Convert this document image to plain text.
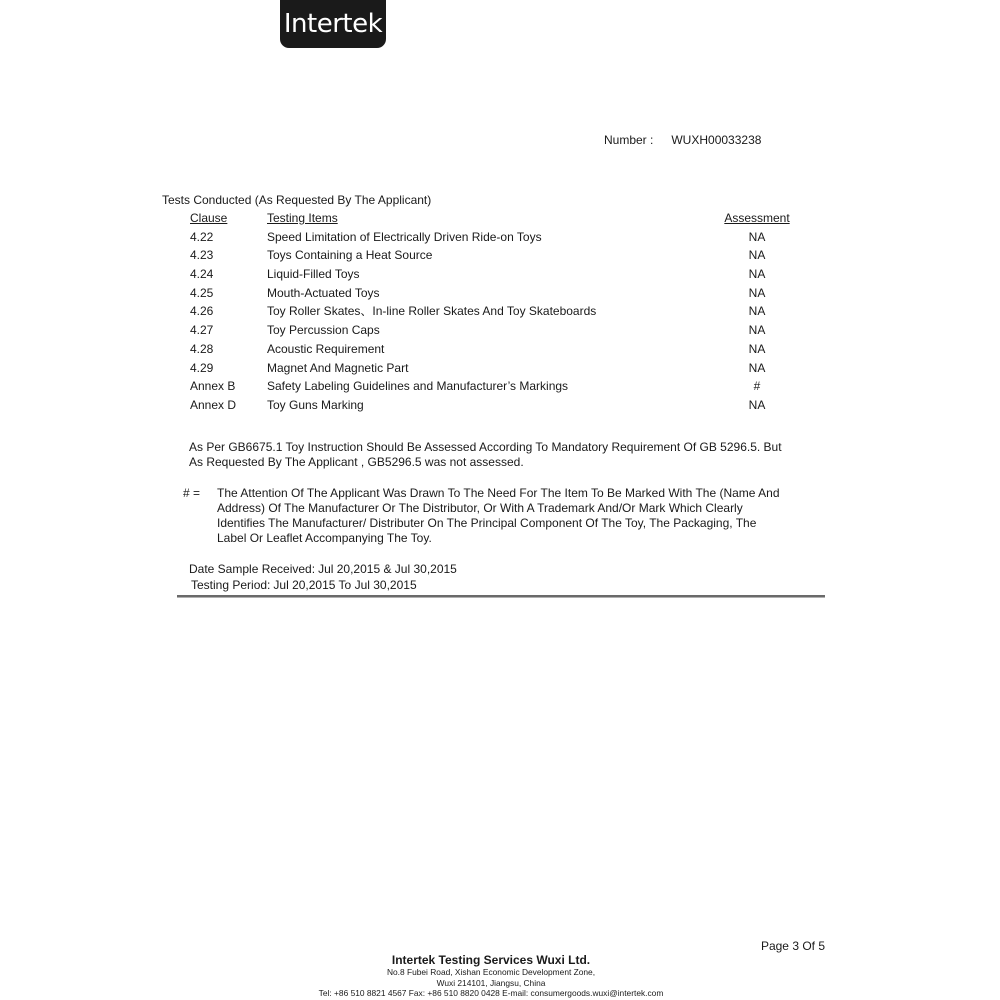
Intertek
Number : WUXH00033238
Tests Conducted (As Requested By The Applicant)
Clause	Testing Items	Assessment
4.22	Speed Limitation of Electrically Driven Ride-on Toys	NA
4.23	Toys Containing a Heat Source	NA
4.24	Liquid-Filled Toys	NA
4.25	Mouth-Actuated Toys	NA
4.26	Toy Roller Skates、In-line Roller Skates And Toy Skateboards	NA
4.27	Toy Percussion Caps	NA
4.28	Acoustic Requirement	NA
4.29	Magnet And Magnetic Part	NA
Annex B	Safety Labeling Guidelines and Manufacturer’s Markings	#
Annex D	Toy Guns Marking	NA
As Per GB6675.1 Toy Instruction Should Be Assessed According To Mandatory Requirement Of GB 5296.5. But
As Requested By The Applicant , GB5296.5 was not assessed.
# = The Attention Of The Applicant Was Drawn To The Need For The Item To Be Marked With The (Name And
Address) Of The Manufacturer Or The Distributor, Or With A Trademark And/Or Mark Which Clearly
Identifies The Manufacturer/ Distributer On The Principal Component Of The Toy, The Packaging, The
Label Or Leaflet Accompanying The Toy.
Date Sample Received: Jul 20,2015 & Jul 30,2015
Testing Period: Jul 20,2015 To Jul 30,2015
Page 3 Of 5
Intertek Testing Services Wuxi Ltd.
No.8 Fubei Road, Xishan Economic Development Zone,
Wuxi 214101, Jiangsu, China
Tel: +86 510 8821 4567 Fax: +86 510 8820 0428 E-mail: consumergoods.wuxi@intertek.com
